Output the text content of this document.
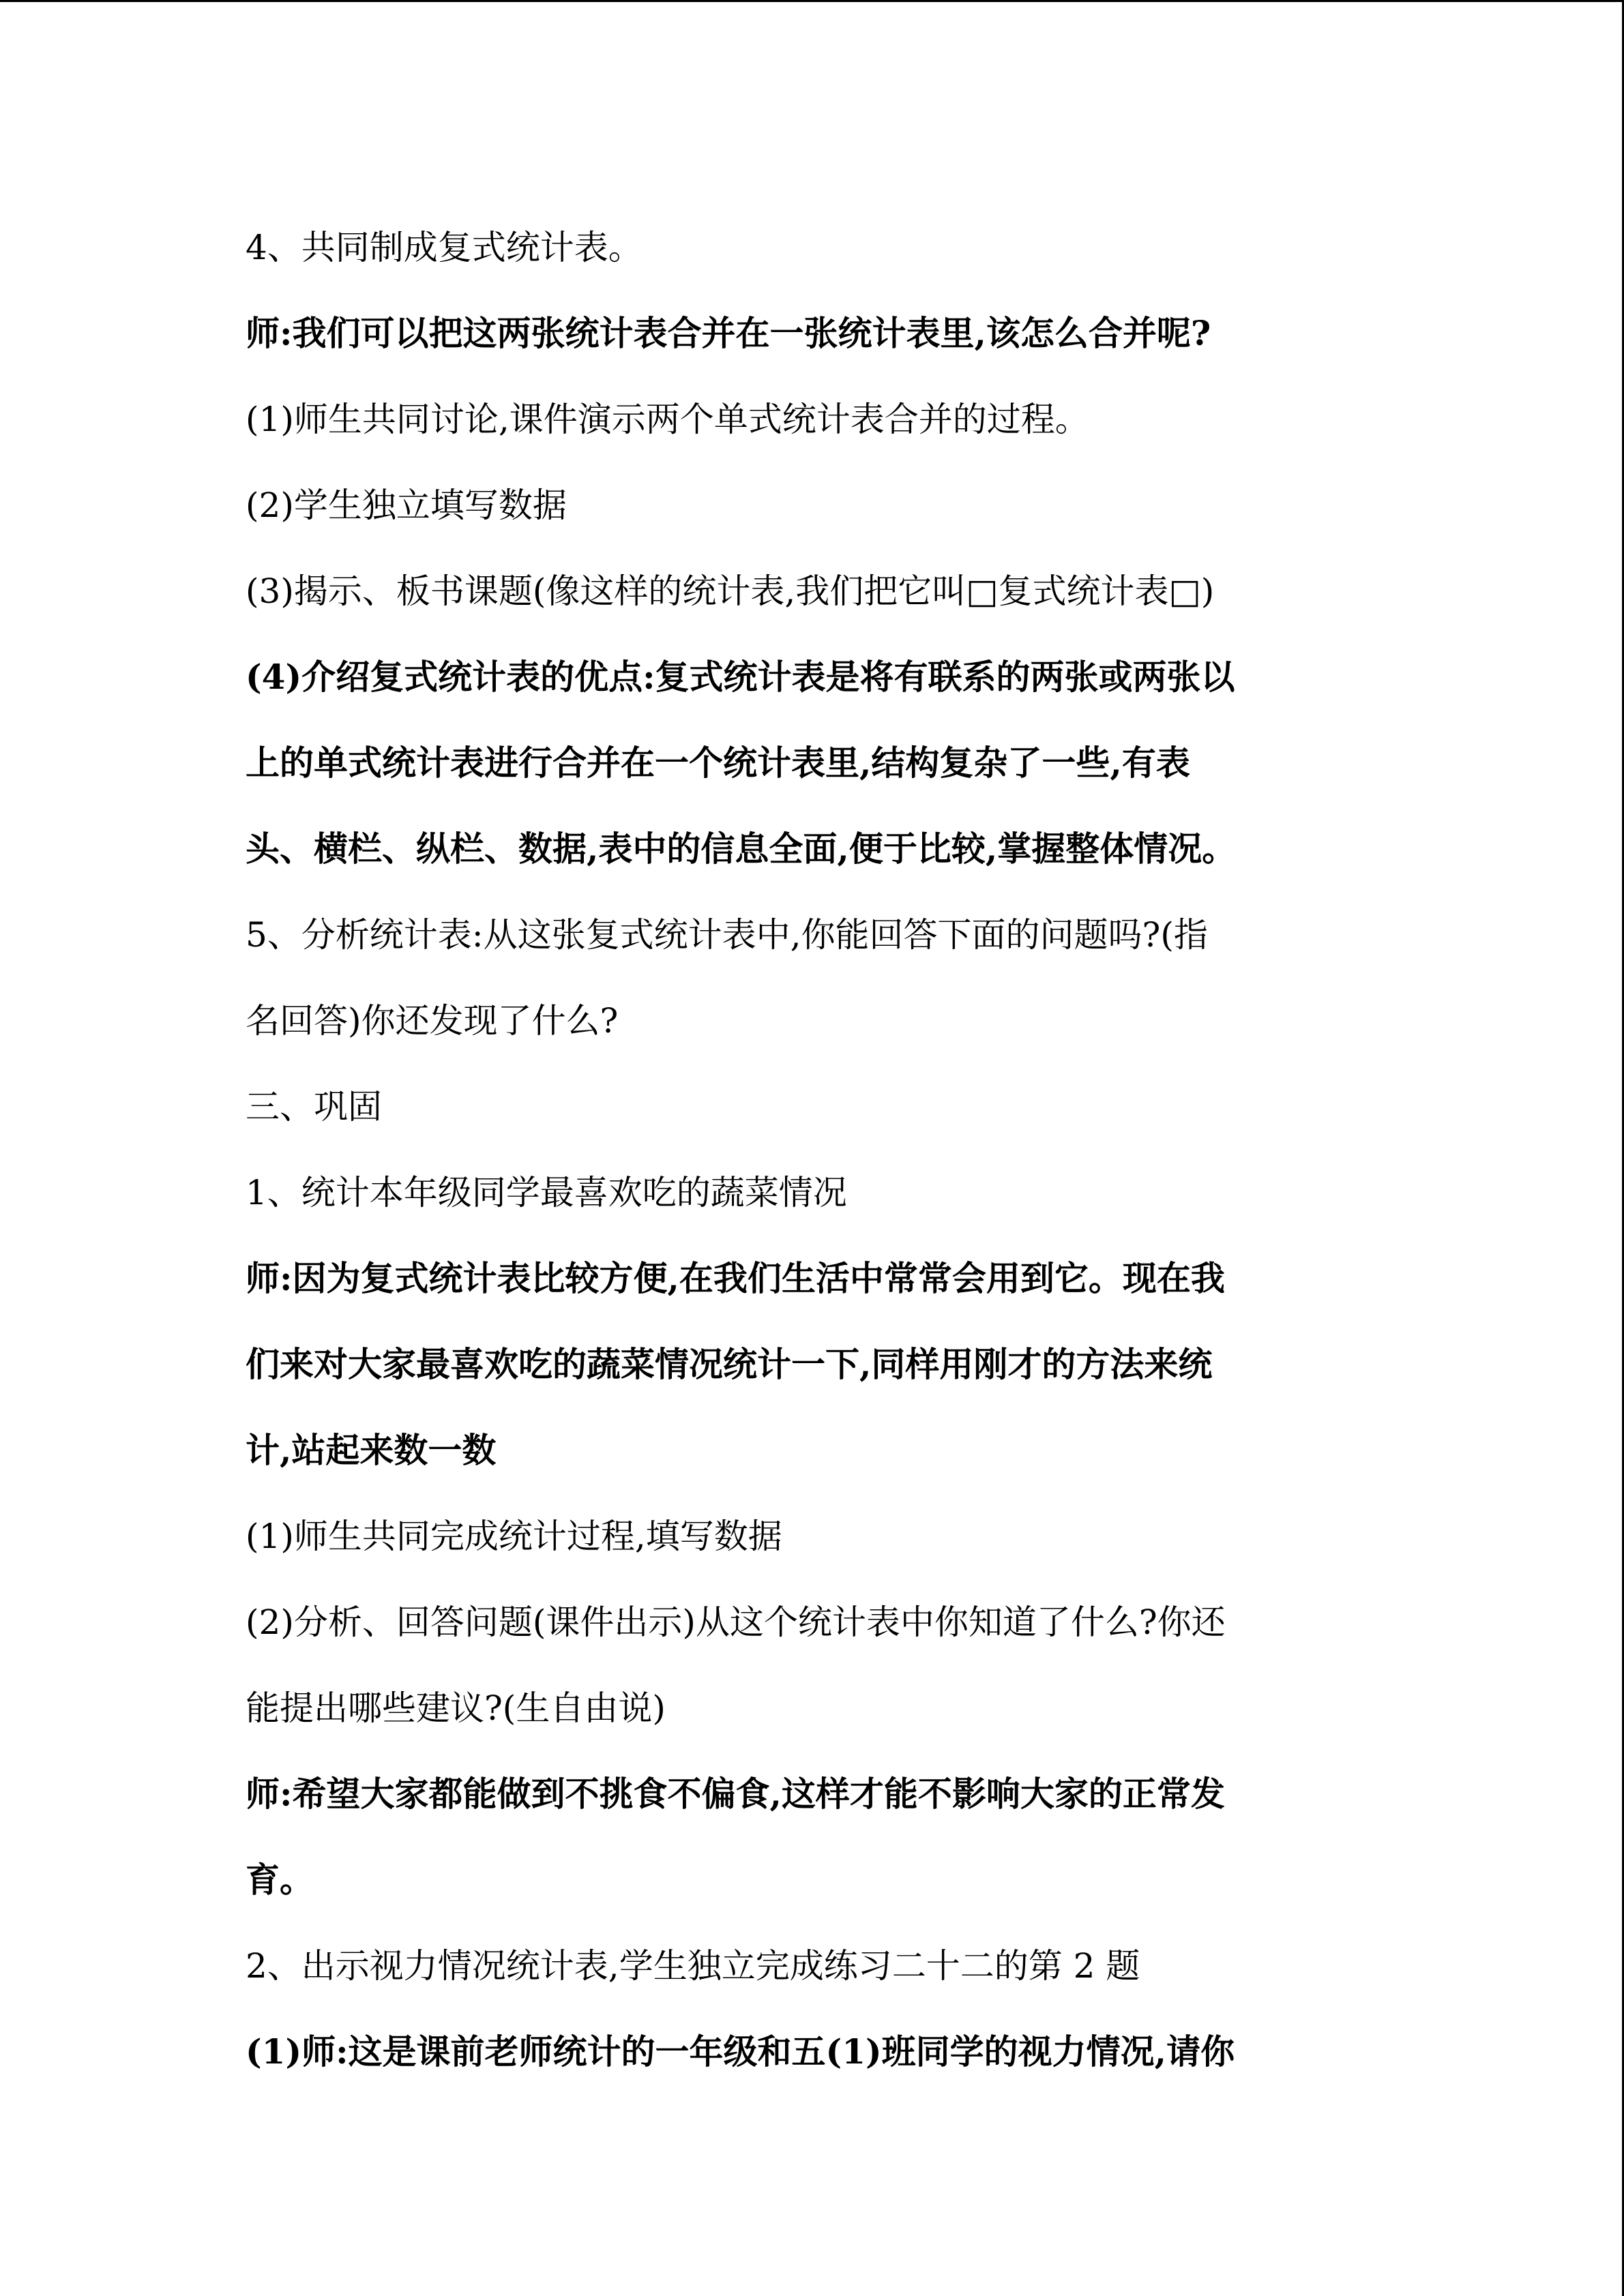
4、共同制成复式统计表。
师:我们可以把这两张统计表合并在一张统计表里,该怎么合并呢?
(1)师生共同讨论,课件演示两个单式统计表合并的过程。
(2)学生独立填写数据
(3)揭示、板书课题(像这样的统计表,我们把它叫□复式统计表□)
(4)介绍复式统计表的优点:复式统计表是将有联系的两张或两张以
上的单式统计表进行合并在一个统计表里,结构复杂了一些,有表
头、横栏、纵栏、数据,表中的信息全面,便于比较,掌握整体情况。
5、分析统计表:从这张复式统计表中,你能回答下面的问题吗?(指
名回答)你还发现了什么?
三、巩固
1、统计本年级同学最喜欢吃的蔬菜情况
师:因为复式统计表比较方便,在我们生活中常常会用到它。现在我
们来对大家最喜欢吃的蔬菜情况统计一下,同样用刚才的方法来统
计,站起来数一数
(1)师生共同完成统计过程,填写数据
(2)分析、回答问题(课件出示)从这个统计表中你知道了什么?你还
能提出哪些建议?(生自由说)
师:希望大家都能做到不挑食不偏食,这样才能不影响大家的正常发
育。
2、出示视力情况统计表,学生独立完成练习二十二的第 2 题
(1)师:这是课前老师统计的一年级和五(1)班同学的视力情况,请你
